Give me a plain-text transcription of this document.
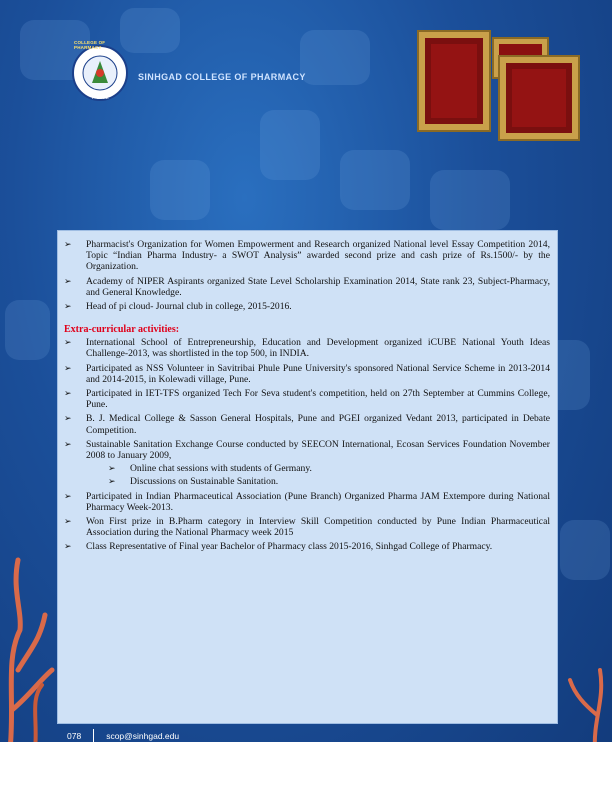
COLLEGE OF PHARMACY
PUNE
SINHGAD COLLEGE OF PHARMACY
➢ Pharmacist's Organization for Women Empowerment and Research organized National level Essay Competition 2014, Topic “Indian Pharma Industry- a SWOT Analysis” awarded second prize and cash prize of Rs.1500/- by the Organization.
➢ Academy of NIPER Aspirants organized State Level Scholarship Examination 2014, State rank 23, Subject-Pharmacy, and General Knowledge.
➢ Head of pi cloud- Journal club in college, 2015-2016.
Extra-curricular activities:
➢ International School of Entrepreneurship, Education and Development organized iCUBE National Youth Ideas Challenge-2013, was shortlisted in the top 500, in INDIA.
➢ Participated as NSS Volunteer in Savitribai Phule Pune University's sponsored National Service Scheme in 2013-2014 and 2014-2015, in Kolewadi village, Pune.
➢ Participated in IET-TFS organized Tech For Seva student's competition, held on 27th September at Cummins College, Pune.
➢ B. J. Medical College & Sasson General Hospitals, Pune and PGEI organized Vedant 2013, participated in Debate Competition.
➢ Sustainable Sanitation Exchange Course conducted by SEECON International, Ecosan Services Foundation November 2008 to January 2009,
➢ Online chat sessions with students of Germany.
➢ Discussions on Sustainable Sanitation.
➢ Participated in Indian Pharmaceutical Association (Pune Branch) Organized Pharma JAM Extempore during National Pharmacy Week-2013.
➢ Won First prize in B.Pharm category in Interview Skill Competition conducted by Pune Indian Pharmaceutical Association during the National Pharmacy week 2015
➢ Class Representative of Final year Bachelor of Pharmacy class 2015-2016, Sinhgad College of Pharmacy.
078	scop@sinhgad.edu
